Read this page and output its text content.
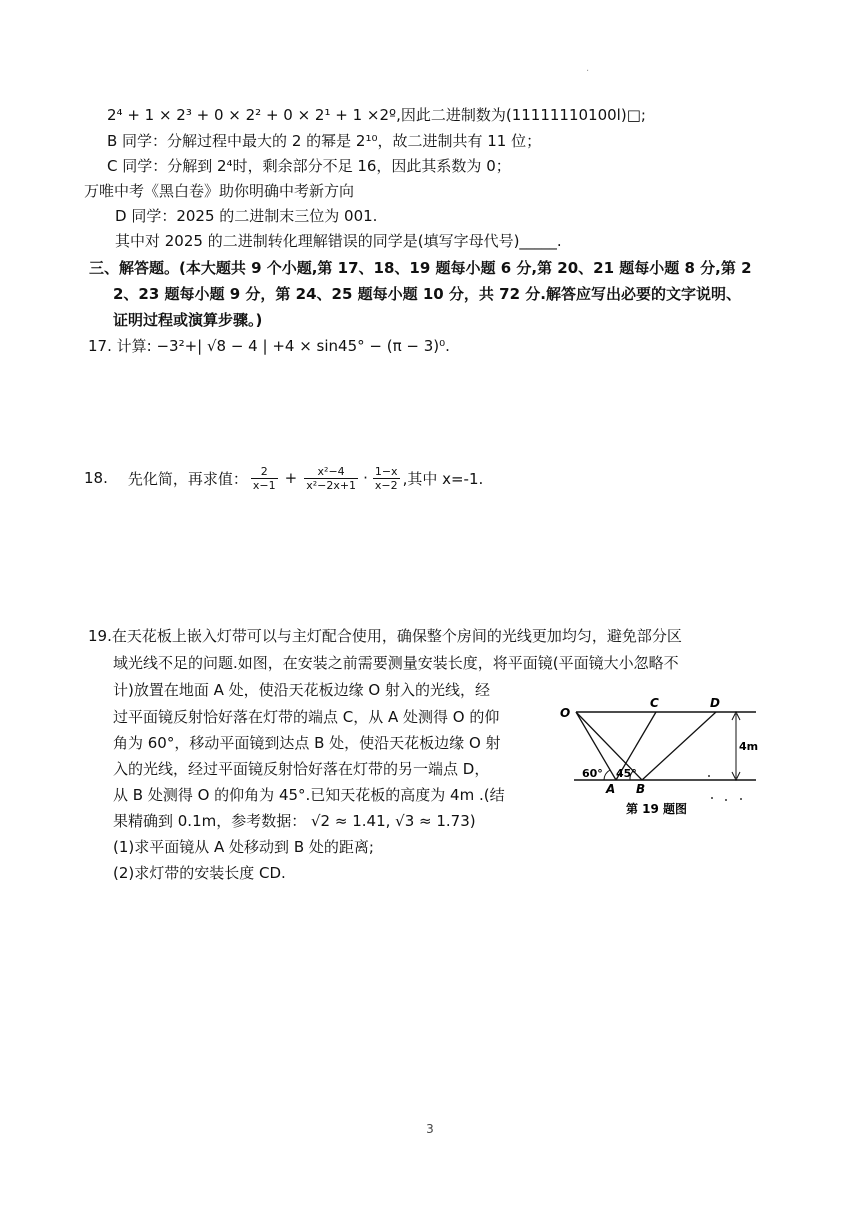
·
2⁴ + 1 × 2³ + 0 × 2² + 0 × 2¹ + 1 ×2º,因此二进制数为(11111110100l)□;
B 同学：分解过程中最大的 2 的幂是 2¹⁰，故二进制共有 11 位；
C 同学：分解到 2⁴时，剩余部分不足 16，因此其系数为 0；
万唯中考《黑白卷》助你明确中考新方向
D 同学：2025 的二进制末三位为 001.
其中对 2025 的二进制转化理解错误的同学是(填写字母代号)_____.
三、解答题。(本大题共 9 个小题,第 17、18、19 题每小题 6 分,第 20、21 题每小题 8 分,第 2
2、23 题每小题 9 分，第 24、25 题每小题 10 分，共 72 分.解答应写出必要的文字说明、
证明过程或演算步骤。)
17. 计算: −3²+| √8 − 4 | +4 × sin45° − (π − 3)⁰.
18. 先化简，再求值： 2
x−1 + x²−4
x²−2x+1 · 1−x
x−2 ,其中 x=-1.
19.在天花板上嵌入灯带可以与主灯配合使用，确保整个房间的光线更加均匀，避免部分区
域光线不足的问题.如图，在安装之前需要测量安装长度，将平面镜(平面镜大小忽略不
计)放置在地面 A 处，使沿天花板边缘 O 射入的光线，经
过平面镜反射恰好落在灯带的端点 C，从 A 处测得 O 的仰
角为 60°，移动平面镜到达点 B 处，使沿天花板边缘 O 射
入的光线，经过平面镜反射恰好落在灯带的另一端点 D，
从 B 处测得 O 的仰角为 45°.已知天花板的高度为 4m .(结
果精确到 0.1m，参考数据： √2 ≈ 1.41, √3 ≈ 1.73)
(1)求平面镜从 A 处移动到 B 处的距离;
(2)求灯带的安装长度 CD.
O
C	D
A B
60° 45°
4m
第 19 题图
3
